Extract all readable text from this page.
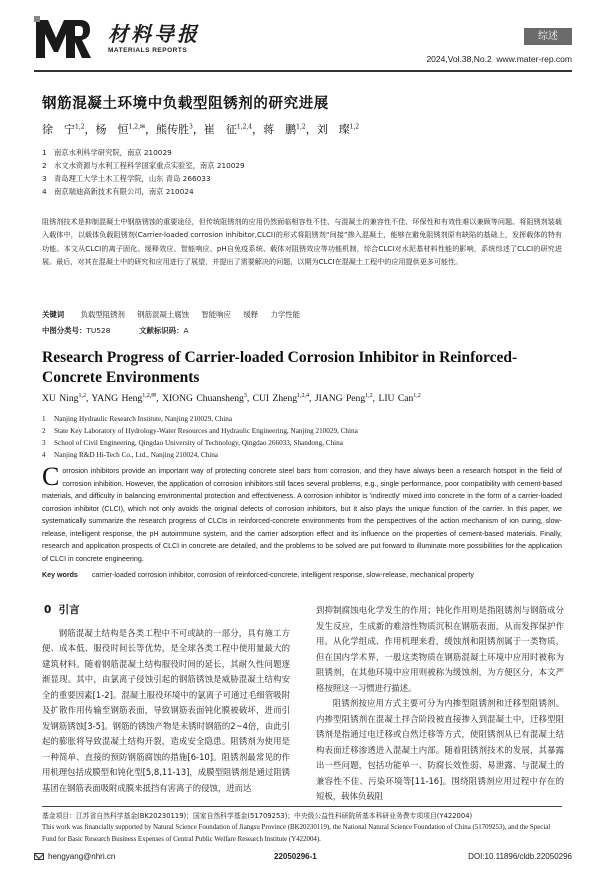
材料导报
MATERIALS REPORTS
综述
2024,Vol.38,No.2 www.mater-rep.com
钢筋混凝土环境中负载型阻锈剂的研究进展
徐　宁$^{1,2}$，杨　恒$^{1,2,✉}$，熊传胜$^3$，崔　征$^{1,2,4}$，蒋　鹏$^{1,2}$，刘　璨$^{1,2}$
1 南京水利科学研究院，南京 210029
2 水文水资源与水利工程科学国家重点实验室，南京 210029
3 青岛理工大学土木工程学院，山东 青岛 266033
4 南京瑞迪高新技术有限公司，南京 210024
阻锈剂技术是抑制混凝土中钢筋锈蚀的重要途径，但传统阻锈剂的应用仍然面临相容性不佳、与混凝土的兼容性不佳、环保性和有效性难以兼顾等问题。将阻锈剂装载入载体中，以载体负载阻锈剂(Carrier-loaded corrosion inhibitor,CLCI)的形式将阻锈剂“间接”掺入混凝土，能够在避免阻锈剂原有缺陷的基础上，发挥载体的特有功能。本文从CLCI的离子固化、缓释效应、智能响应、pH自免疫系统、载体对阻锈效应等功能机制，综合CLCI对水泥基材料性能的影响，系统综述了CLCI的研究进展。最后，对其在混凝土中的研究和应用进行了展望，并提出了需要解决的问题，以期为CLCI在混凝土工程中的应用提供更多可能性。
关键词 负载型阻锈剂 钢筋混凝土腐蚀 智能响应 缓释 力学性能
中图分类号：TU528	文献标识码：A
Research Progress of Carrier-loaded Corrosion Inhibitor in Reinforced-Concrete Environments
XU Ning$^{1,2}$, YANG Heng$^{1,2,✉}$, XIONG Chuansheng$^3$, CUI Zheng$^{1,2,4}$, JIANG Peng$^{1,2}$, LIU Can$^{1,2}$
1 Nanjing Hydraulic Research Institute, Nanjing 210029, China
2 State Key Laboratory of Hydrology-Water Resources and Hydraulic Engineering, Nanjing 210029, China
3 School of Civil Engineering, Qingdao University of Technology, Qingdao 266033, Shandong, China
4 Nanjing R&D Hi-Tech Co., Ltd., Nanjing 210024, China
Corrosion inhibitors provide an important way of protecting concrete steel bars from corrosion, and they have always been a research hotspot in the field of corrosion inhibition. However, the application of corrosion inhibitors still faces several problems, e.g., single performance, poor compatibility with cement-based materials, and difficulty in balancing environmental protection and effectiveness. A corrosion inhibitor is 'indirectly' mixed into concrete in the form of a carrier-loaded corrosion inhibitor (CLCI), which not only avoids the original defects of corrosion inhibitors, but it also plays the unique function of the carrier. In this paper, we systematically summarize the research progress of CLCIs in reinforced-concrete environments from the perspectives of the action mechanism of ion curing, slow-release, intelligent response, the pH autoimmune system, and the carrier adsorption effect and its influence on the properties of cement-based materials. Finally, research and application prospects of CLCI in concrete are detailed, and the problems to be solved are put forward to illuminate more possibilities for the application of CLCI in concrete engineering.
Key words carrier-loaded corrosion inhibitor, corrosion of reinforced-concrete, intelligent response, slow-release, mechanical property
0 引言
钢筋混凝土结构是各类工程中不可或缺的一部分，具有施工方便、成本低、服役时间长等优势，是全球各类工程中使用量最大的建筑材料。随着钢筋混凝土结构服役时间的延长，其耐久性问题逐渐显现。其中，由氯离子侵蚀引起的钢筋锈蚀是威胁混凝土结构安全的重要因素[1-2]。混凝土服役环境中的氯离子可通过毛细管吸附及扩散作用传输至钢筋表面，导致钢筋表面钝化膜被破坏，进而引发钢筋锈蚀[3-5]。钢筋的锈蚀产物是未锈时钢筋的2~4倍，由此引起的膨胀将导致混凝土结构开裂，造成安全隐患。阻锈剂为使用是一种简单、直接的预防钢筋腐蚀的措施[6-10]。阻锈剂最常见的作用机理包括成膜型和钝化型[5,8,11-13]，成膜型阻锈剂是通过阻锈基团在钢筋表面吸附成膜来抵挡有害离子的侵蚀，进而达
到抑制腐蚀电化学发生的作用；钝化作用则是指阻锈剂与钢筋成分发生反应，生成新的难溶性物质沉积在钢筋表面，从而发挥保护作用。从化学组成、作用机理来看，缓蚀剂和阻锈剂属于一类物质，但在国内学术界，一般这类物质在钢筋混凝土环境中应用时被称为阻锈剂，在其他环境中应用则被称为缓蚀剂，为方便区分，本文严格按照这一习惯进行描述。
阻锈剂按应用方式主要可分为内掺型阻锈剂和迁移型阻锈剂。内掺型阻锈剂在混凝土拌合阶段被直接掺入到混凝土中，迁移型阻锈剂是指通过电迁移或自然迁移等方式，使阻锈剂从已有混凝土结构表面迁移渗透进入混凝土内部。随着阻锈剂技术的发展，其暴露出一些问题，包括功能单一、防腐长效性弱、易泄露、与混凝土的兼容性不佳、污染环境等[11-16]。围绕阻锈剂应用过程中存在的短板，载体负载阻
基金项目：江苏省自然科学基金(BK20230119)；国家自然科学基金(51709253)；中央级公益性科研院所基本科研业务费专项项目(Y422004)
This work was financially supported by Natural Science Foundation of Jiangsu Province (BK20230119), the National Natural Science Foundation of China (51709253), and the Special Fund for Basic Research Business Expenses of Central Public Welfare Research Institute (Y422004).
hengyang@nhri.cn	22050296-1	DOI:10.11896/cldb.22050296
